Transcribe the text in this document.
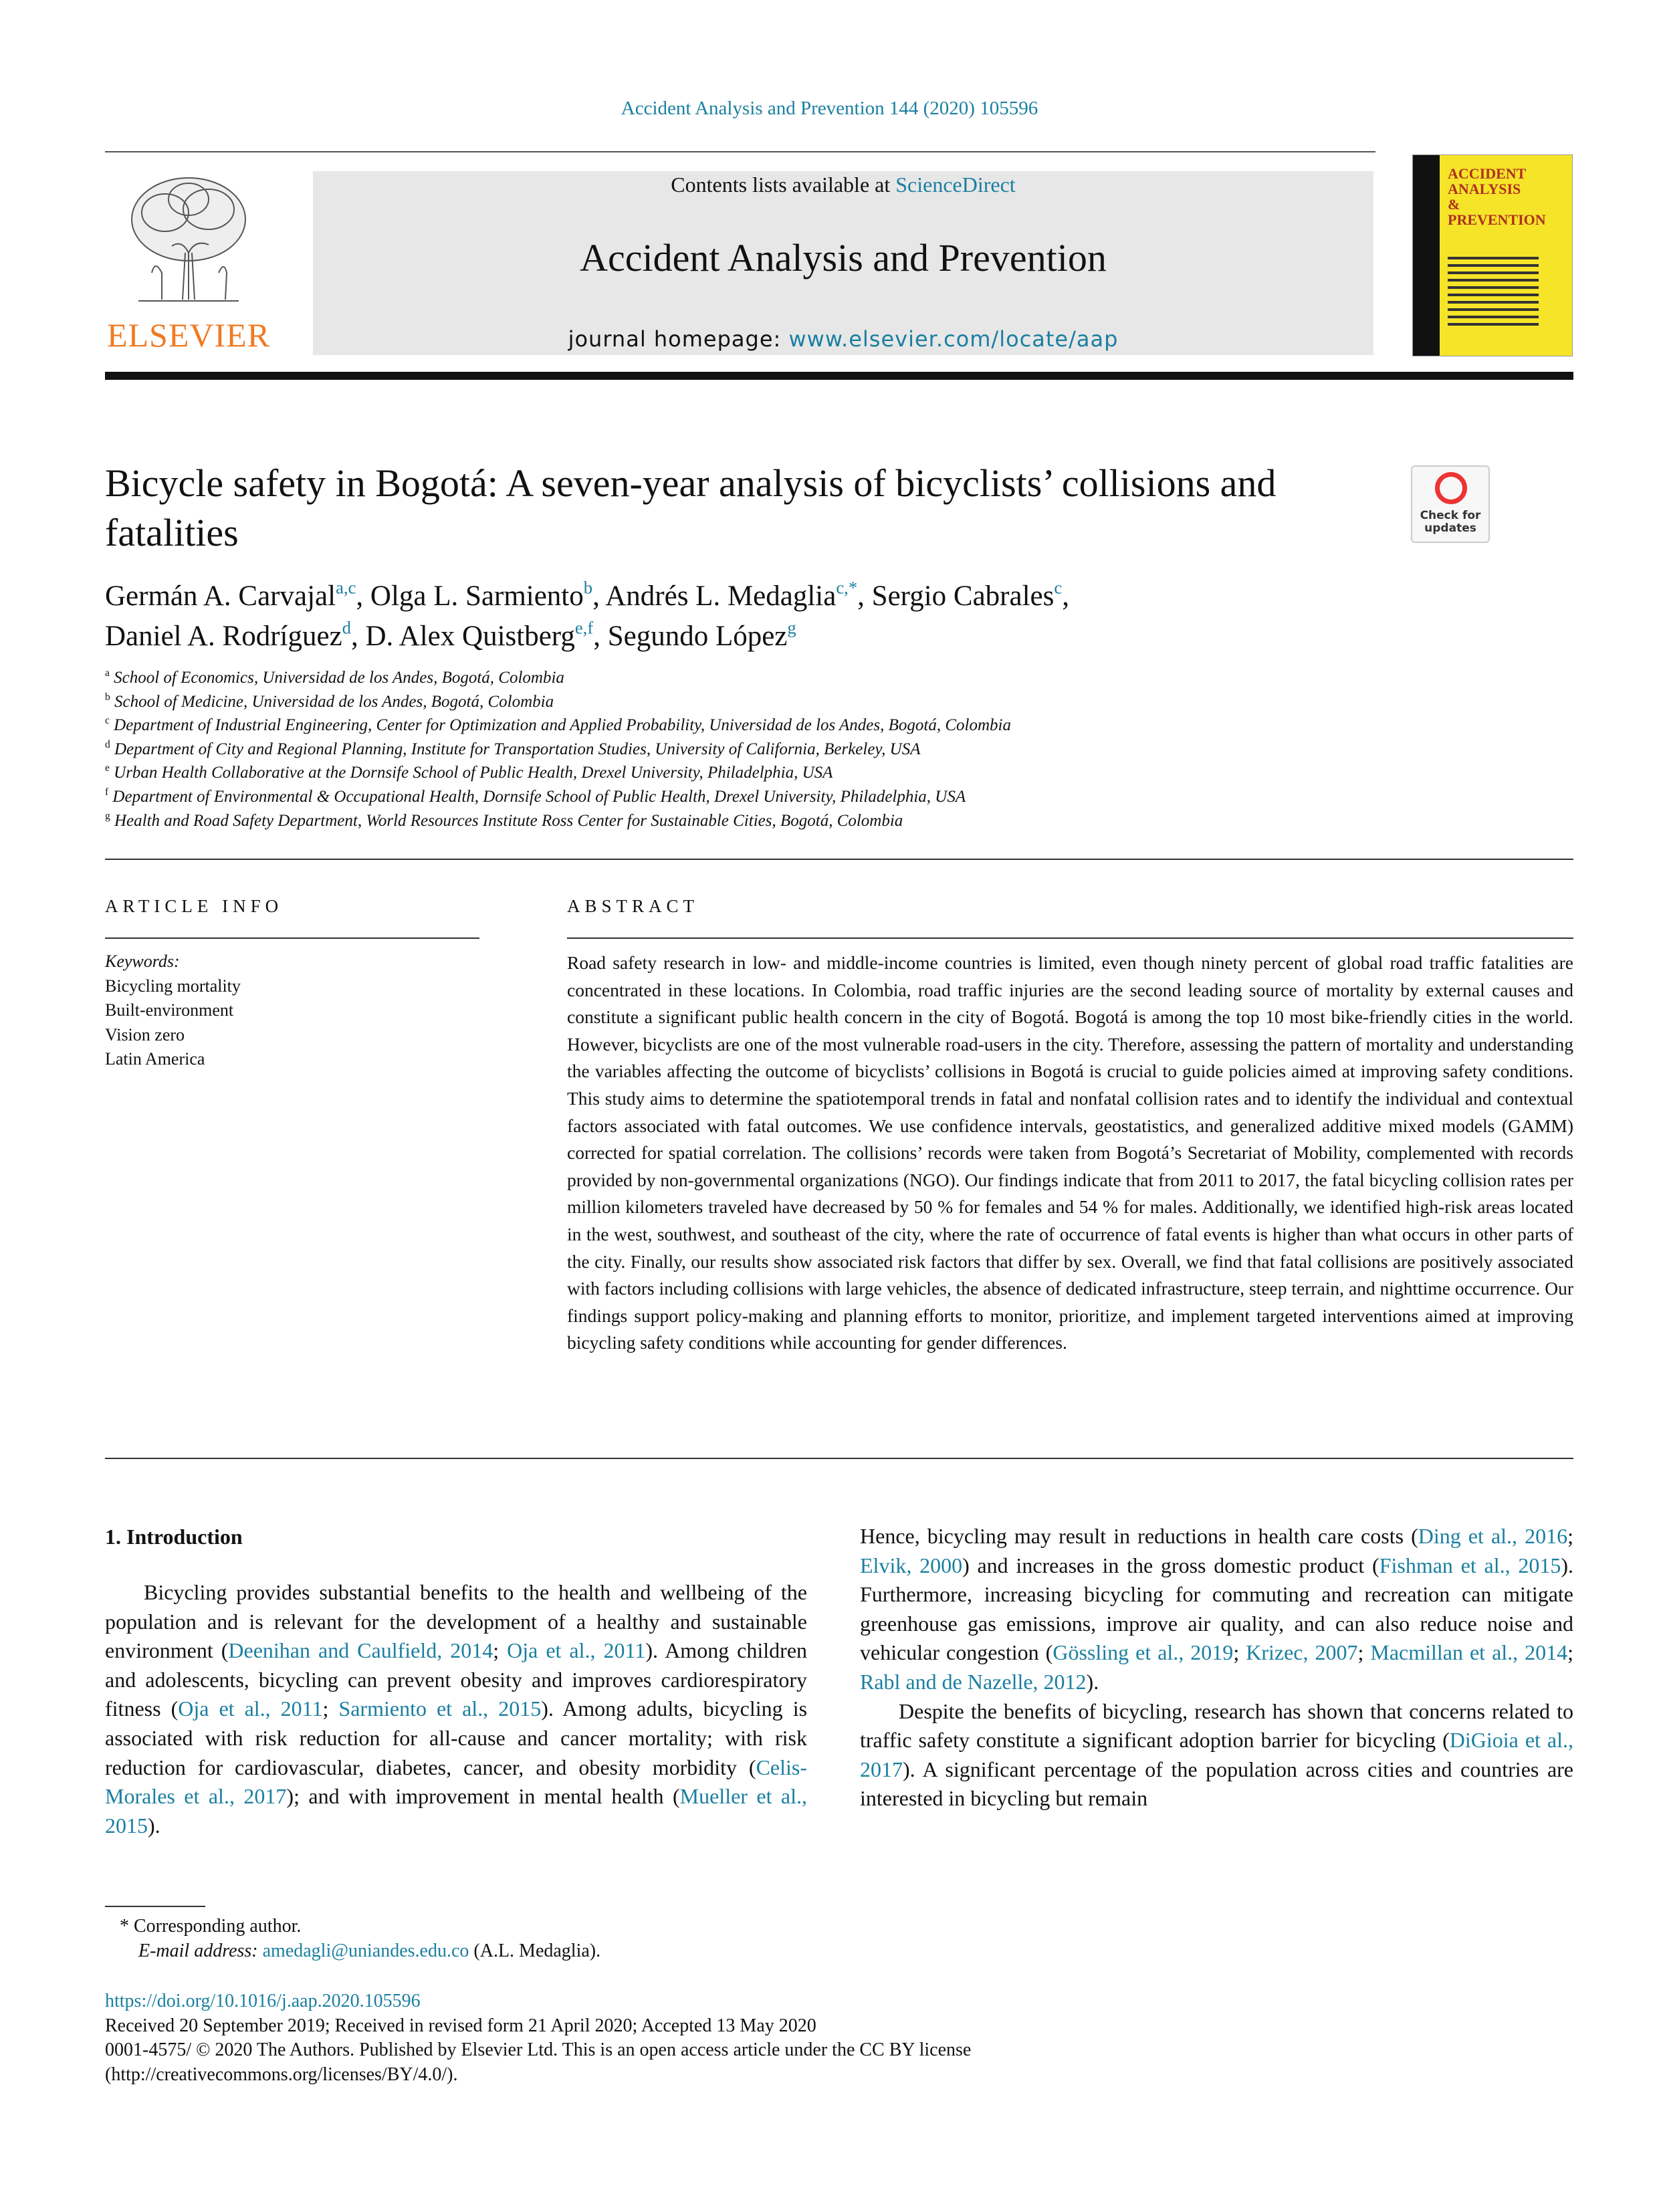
Accident Analysis and Prevention 144 (2020) 105596
ELSEVIER
Contents lists available at ScienceDirect
Accident Analysis and Prevention
journal homepage: www.elsevier.com/locate/aap
ACCIDENT
ANALYSIS
&
PREVENTION
Bicycle safety in Bogotá: A seven-year analysis of bicyclists’ collisions and fatalities	Check for
updates
Germán A. Carvajal$^{a,c}$, Olga L. Sarmiento$^b$, Andrés L. Medaglia$^{c,*}$, Sergio Cabrales$^c$,
Daniel A. Rodríguez$^d$, D. Alex Quistberg$^{e,f}$, Segundo López$^g$
$^a$ School of Economics, Universidad de los Andes, Bogotá, Colombia
$^b$ School of Medicine, Universidad de los Andes, Bogotá, Colombia
$^c$ Department of Industrial Engineering, Center for Optimization and Applied Probability, Universidad de los Andes, Bogotá, Colombia
$^d$ Department of City and Regional Planning, Institute for Transportation Studies, University of California, Berkeley, USA
$^e$ Urban Health Collaborative at the Dornsife School of Public Health, Drexel University, Philadelphia, USA
$^f$ Department of Environmental & Occupational Health, Dornsife School of Public Health, Drexel University, Philadelphia, USA
$^g$ Health and Road Safety Department, World Resources Institute Ross Center for Sustainable Cities, Bogotá, Colombia
ARTICLE INFO	ABSTRACT
Keywords:
Bicycling mortality
Built-environment
Vision zero
Latin America
Road safety research in low- and middle-income countries is limited, even though ninety percent of global road traffic fatalities are concentrated in these locations. In Colombia, road traffic injuries are the second leading source of mortality by external causes and constitute a significant public health concern in the city of Bogotá. Bogotá is among the top 10 most bike-friendly cities in the world. However, bicyclists are one of the most vulnerable road-users in the city. Therefore, assessing the pattern of mortality and understanding the variables affecting the outcome of bicyclists’ collisions in Bogotá is crucial to guide policies aimed at improving safety conditions. This study aims to determine the spatiotemporal trends in fatal and nonfatal collision rates and to identify the individual and contextual factors associated with fatal outcomes. We use confidence intervals, geostatistics, and generalized additive mixed models (GAMM) corrected for spatial correlation. The collisions’ records were taken from Bogotá’s Secretariat of Mobility, complemented with records provided by non-governmental organizations (NGO). Our findings indicate that from 2011 to 2017, the fatal bicycling collision rates per million kilometers traveled have decreased by 50 % for females and 54 % for males. Additionally, we identified high-risk areas located in the west, southwest, and southeast of the city, where the rate of occurrence of fatal events is higher than what occurs in other parts of the city. Finally, our results show associated risk factors that differ by sex. Overall, we find that fatal collisions are positively associated with factors including collisions with large vehicles, the absence of dedicated infrastructure, steep terrain, and nighttime occurrence. Our findings support policy-making and planning efforts to monitor, prioritize, and implement targeted interventions aimed at improving bicycling safety conditions while accounting for gender differences.
1. Introduction

Bicycling provides substantial benefits to the health and wellbeing of the population and is relevant for the development of a healthy and sustainable environment (Deenihan and Caulfield, 2014; Oja et al., 2011). Among children and adolescents, bicycling can prevent obesity and improves cardiorespiratory fitness (Oja et al., 2011; Sarmiento et al., 2015). Among adults, bicycling is associated with risk reduction for all-cause and cancer mortality; with risk reduction for cardiovascular, diabetes, cancer, and obesity morbidity (Celis-Morales et al., 2017); and with improvement in mental health (Mueller et al., 2015).

Hence, bicycling may result in reductions in health care costs (Ding et al., 2016; Elvik, 2000) and increases in the gross domestic product (Fishman et al., 2015). Furthermore, increasing bicycling for commuting and recreation can mitigate greenhouse gas emissions, improve air quality, and can also reduce noise and vehicular congestion (Gössling et al., 2019; Krizec, 2007; Macmillan et al., 2014; Rabl and de Nazelle, 2012).

Despite the benefits of bicycling, research has shown that concerns related to traffic safety constitute a significant adoption barrier for bicycling (DiGioia et al., 2017). A significant percentage of the population across cities and countries are interested in bicycling but remain

* Corresponding author.
E-mail address: amedagli@uniandes.edu.co (A.L. Medaglia).
https://doi.org/10.1016/j.aap.2020.105596
Received 20 September 2019; Received in revised form 21 April 2020; Accepted 13 May 2020
0001-4575/ © 2020 The Authors. Published by Elsevier Ltd. This is an open access article under the CC BY license
(http://creativecommons.org/licenses/BY/4.0/).
